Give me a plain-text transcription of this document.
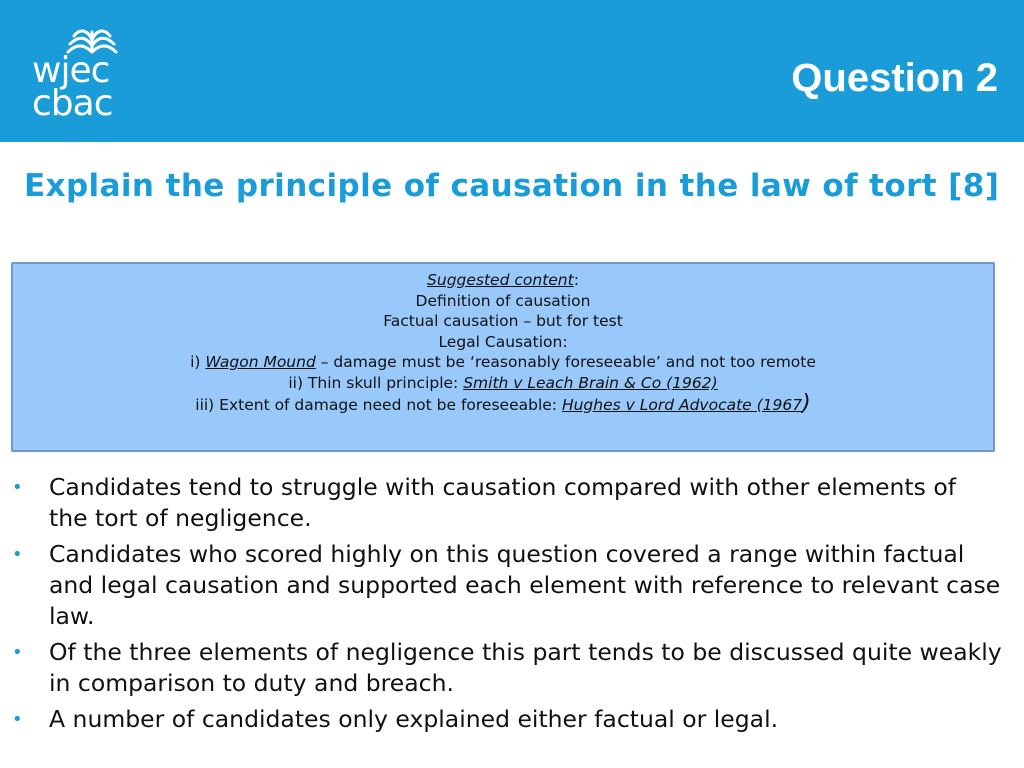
wjec
cbac
Question 2
Explain the principle of causation in the law of tort [8]
Suggested content:
Definition of causation
Factual causation – but for test
Legal Causation:
i) Wagon Mound – damage must be ‘reasonably foreseeable’ and not too remote
ii) Thin skull principle: Smith v Leach Brain & Co (1962)
iii) Extent of damage need not be foreseeable: Hughes v Lord Advocate (1967)
• Candidates tend to struggle with causation compared with other elements of the tort of negligence.
• Candidates who scored highly on this question covered a range within factual and legal causation and supported each element with reference to relevant case law.
• Of the three elements of negligence this part tends to be discussed quite weakly in comparison to duty and breach.
• A number of candidates only explained either factual or legal.
